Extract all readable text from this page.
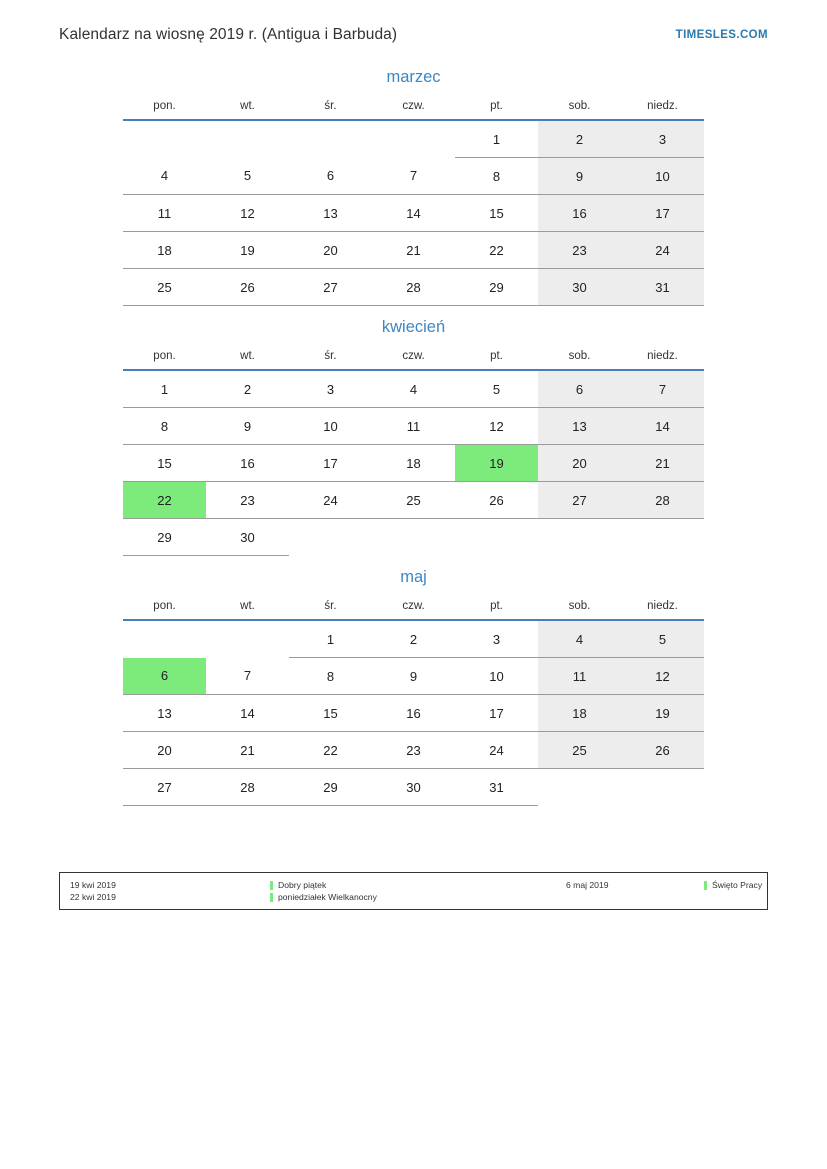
Kalendarz na wiosnę 2019 r. (Antigua i Barbuda)	TIMESLES.COM
marzec
pon.	wt.	śr.	czw.	pt.	sob.	niedz.
				1	2	3
4	5	6	7	8	9	10
11	12	13	14	15	16	17
18	19	20	21	22	23	24
25	26	27	28	29	30	31
kwiecień
pon.	wt.	śr.	czw.	pt.	sob.	niedz.
1	2	3	4	5	6	7
8	9	10	11	12	13	14
15	16	17	18	19	20	21
22	23	24	25	26	27	28
29	30					
maj
pon.	wt.	śr.	czw.	pt.	sob.	niedz.
		1	2	3	4	5
6	7	8	9	10	11	12
13	14	15	16	17	18	19
20	21	22	23	24	25	26
27	28	29	30	31		
19 kwi 2019	Dobry piątek	6 maj 2019	Święto Pracy
22 kwi 2019	poniedziałek Wielkanocny
